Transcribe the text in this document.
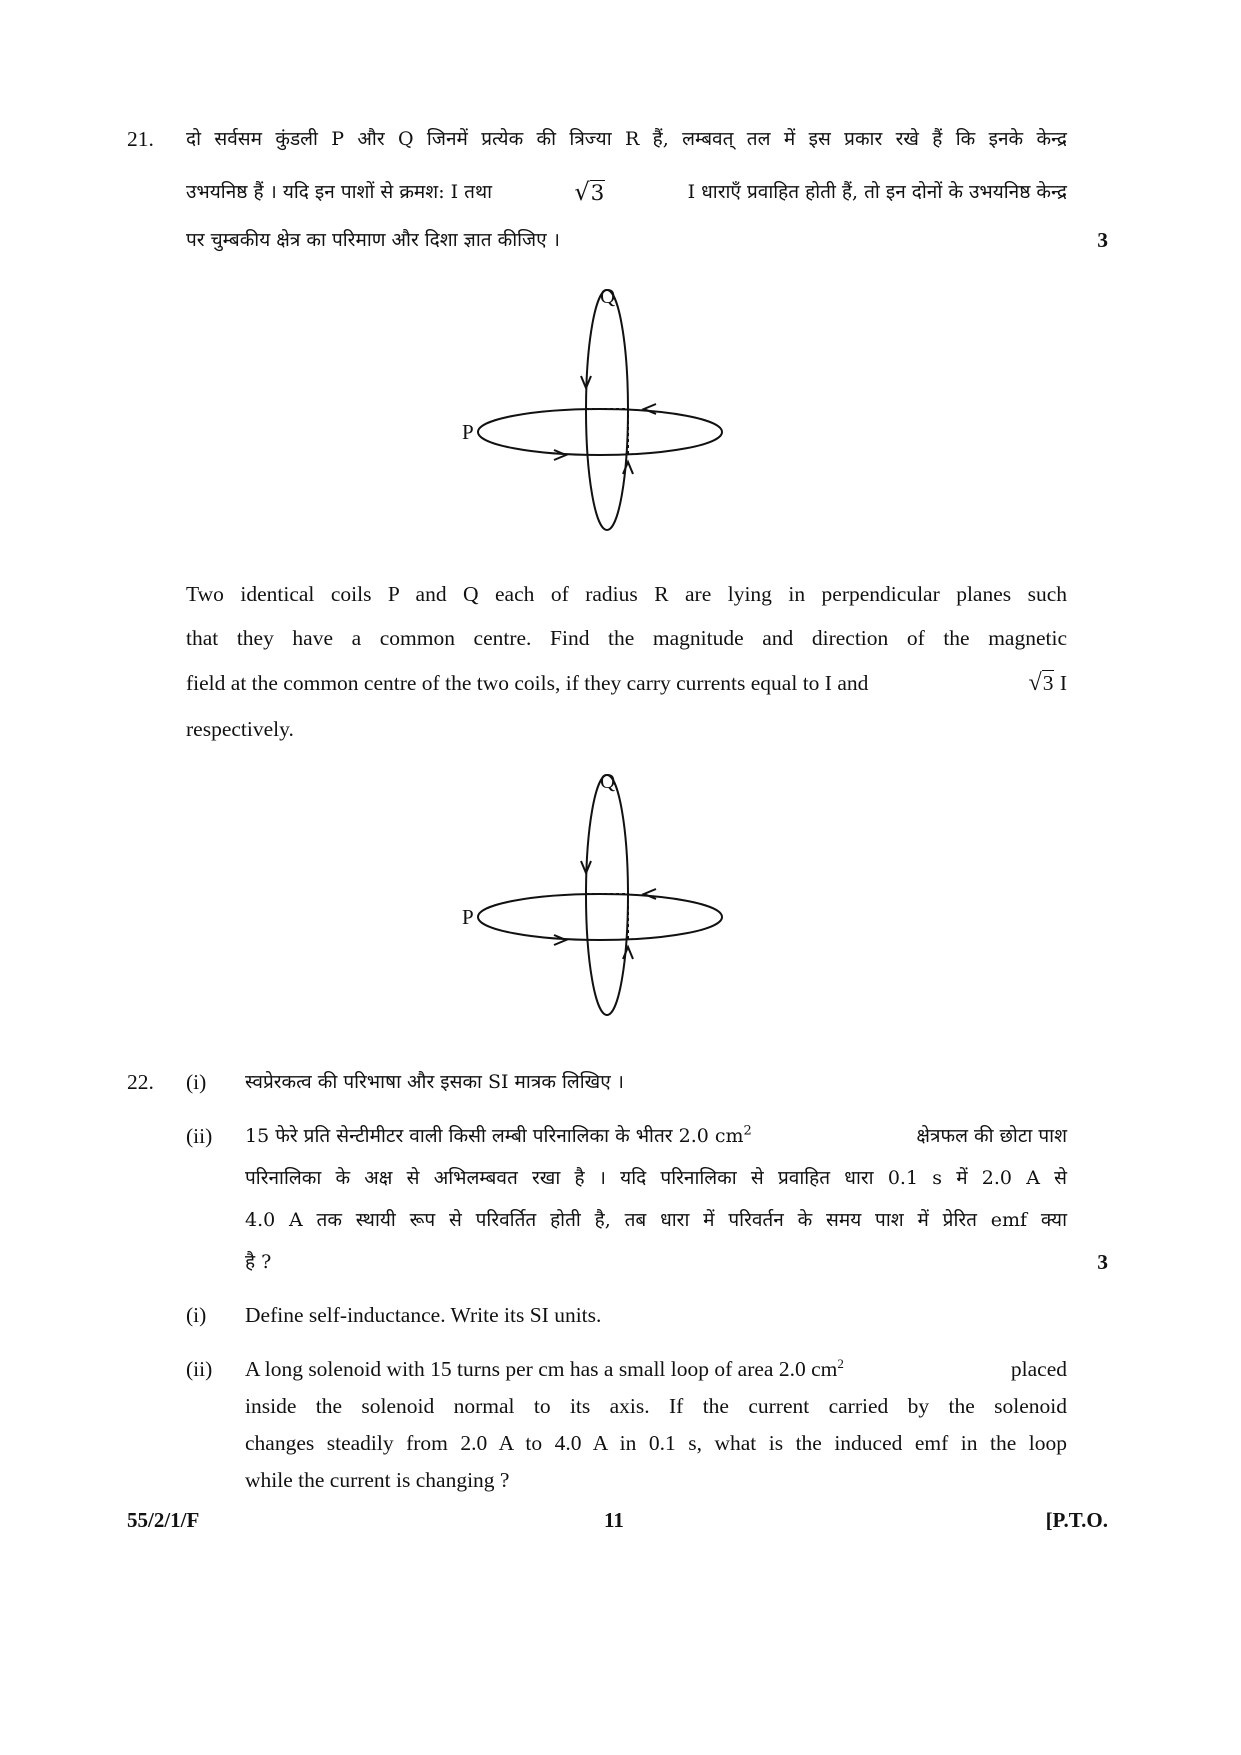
21. दो सर्वसम कुंडली P और Q जिनमें प्रत्येक की त्रिज्या R हैं, लम्बवत् तल में इस प्रकार रखे हैं कि इनके केन्द्र
उभयनिष्ठ हैं । यदि इन पाशों से क्रमश: I तथा	√3	I धाराएँ प्रवाहित होती हैं, तो इन दोनों के उभयनिष्ठ केन्द्र
पर चुम्बकीय क्षेत्र का परिमाण और दिशा ज्ञात कीजिए ।	3
Q
P
Two identical coils P and Q each of radius R are lying in perpendicular planes such
that they have a common centre. Find the magnitude and direction of the magnetic
field at the common centre of the two coils, if they carry currents equal to I and	√3 I
respectively.
Q
P
22. (i) स्वप्रेरकत्व की परिभाषा और इसका SI मात्रक लिखिए ।
(ii) 15 फेरे प्रति सेन्टीमीटर वाली किसी लम्बी परिनालिका के भीतर 2.0 $cm^2$	क्षेत्रफल की छोटा पाश
परिनालिका के अक्ष से अभिलम्बवत रखा है । यदि परिनालिका से प्रवाहित धारा 0.1 s में 2.0 A से
4.0 A तक स्थायी रूप से परिवर्तित होती है, तब धारा में परिवर्तन के समय पाश में प्रेरित emf क्या
है ?	3
(i) Define self-inductance. Write its SI units.
(ii) A long solenoid with 15 turns per cm has a small loop of area 2.0 $cm^2$	placed
inside the solenoid normal to its axis. If the current carried by the solenoid
changes steadily from 2.0 A to 4.0 A in 0.1 s, what is the induced emf in the loop
while the current is changing ?
55/2/1/F	11	[P.T.O.
